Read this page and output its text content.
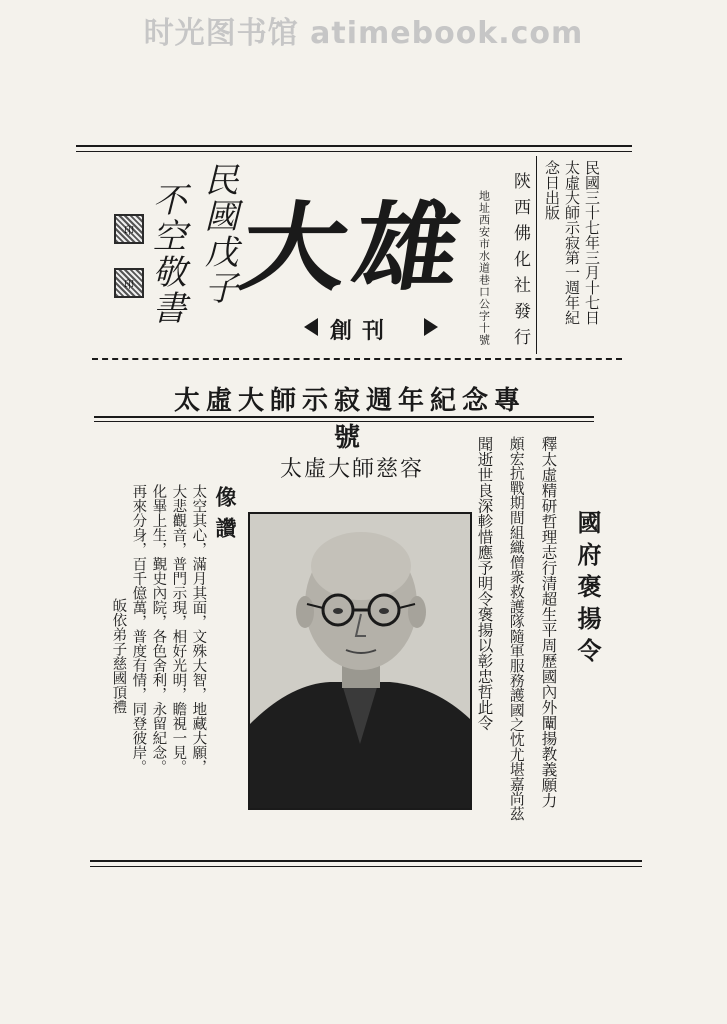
时光图书馆 atimebook.com
民國戊子
不空敬書
印
印 大雄
創刊	陝西佛化社發行
地址西安市水道巷口公字十號	民國三十七年三月十七日
太虛大師示寂第一週年紀
念日出版
太虛大師示寂週年紀念專號
太虛大師慈容
像讚
太空其心，滿月其面，文殊大智，地藏大願，
大悲觀音，普門示現，相好光明，瞻視一見。
化畢上生，覲史內院，各色舍利，永留紀念。
再來分身，百千億萬，普度有情，同登彼岸。
皈依弟子慈國頂禮	國府褒揚令
釋太虛精研哲理志行清超生平周歷國內外闡揚教義願力
頗宏抗戰期間組織僧衆救護隊隨軍服務護國之忱尤堪嘉尚茲
聞逝世良深軫惜應予明令褒揚以彰忠哲此令
